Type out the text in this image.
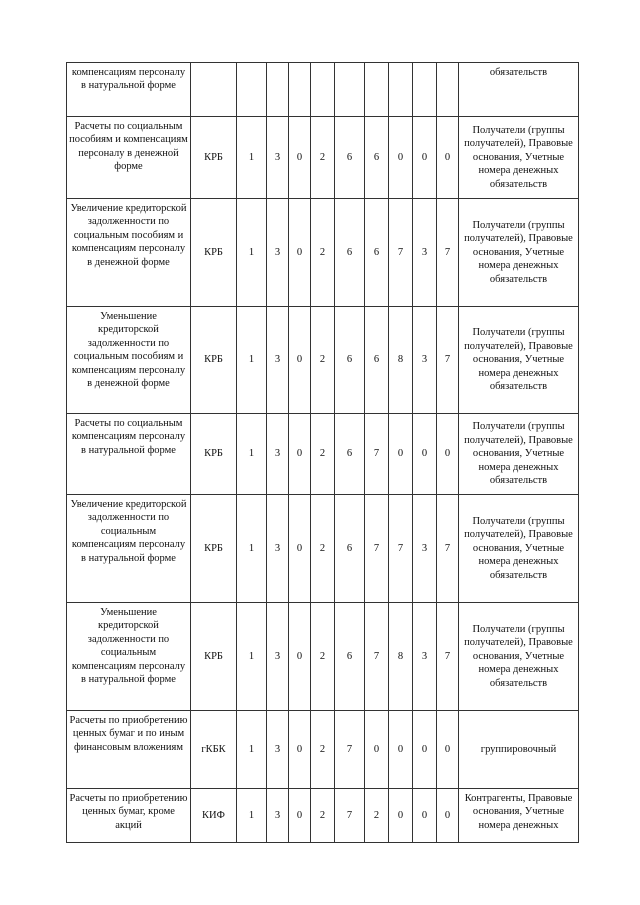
компенсациям персоналу в натуральной форме											обязательств
Расчеты по социальным пособиям и компенсациям персоналу в денежной форме	КРБ	1	3	0	2	6	6	0	0	0	Получатели (группы получателей), Правовые основания, Учетные номера денежных обязательств
Увеличение кредиторской задолженности по социальным пособиям и компенсациям персоналу в денежной форме	КРБ	1	3	0	2	6	6	7	3	7	Получатели (группы получателей), Правовые основания, Учетные номера денежных обязательств
Уменьшение кредиторской задолженности по социальным пособиям и компенсациям персоналу в денежной форме	КРБ	1	3	0	2	6	6	8	3	7	Получатели (группы получателей), Правовые основания, Учетные номера денежных обязательств
Расчеты по социальным компенсациям персоналу в натуральной форме	КРБ	1	3	0	2	6	7	0	0	0	Получатели (группы получателей), Правовые основания, Учетные номера денежных обязательств
Увеличение кредиторской задолженности по социальным компенсациям персоналу в натуральной форме	КРБ	1	3	0	2	6	7	7	3	7	Получатели (группы получателей), Правовые основания, Учетные номера денежных обязательств
Уменьшение кредиторской задолженности по социальным компенсациям персоналу в натуральной форме	КРБ	1	3	0	2	6	7	8	3	7	Получатели (группы получателей), Правовые основания, Учетные номера денежных обязательств
Расчеты по приобретению ценных бумаг и по иным финансовым вложениям	гКБК	1	3	0	2	7	0	0	0	0	группировочный
Расчеты по приобретению ценных бумаг, кроме акций	КИФ	1	3	0	2	7	2	0	0	0	Контрагенты, Правовые основания, Учетные номера денежных
